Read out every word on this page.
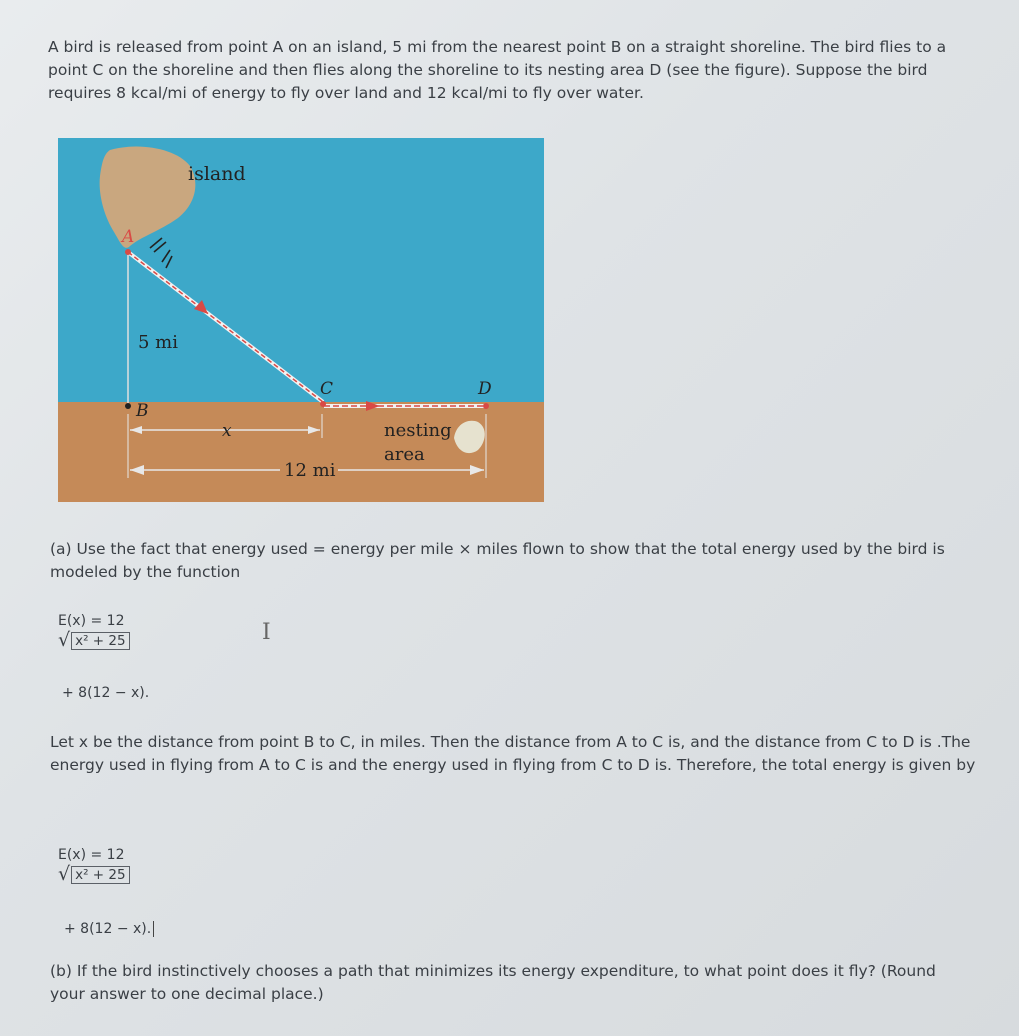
A bird is released from point A on an island, 5 mi from the nearest point B on a straight shoreline. The bird flies to a point C on the shoreline and then flies along the shoreline to its nesting area D (see the figure). Suppose the bird requires 8 kcal/mi of energy to fly over land and 12 kcal/mi to fly over water.
island
5 mi
A
B
C	D
x
12 mi
nesting
area
(a) Use the fact that energy used = energy per mile × miles flown to show that the total energy used by the bird is modeled by the function
E(x) = 12
√ x² + 25
+ 8(12 − x).
I
Let x be the distance from point B to C, in miles. Then the distance from A to C is, and the distance from C to D is .The energy used in flying from A to C is and the energy used in flying from C to D is. Therefore, the total energy is given by
E(x) = 12
√ x² + 25
+ 8(12 − x).
(b) If the bird instinctively chooses a path that minimizes its energy expenditure, to what point does it fly? (Round your answer to one decimal place.)
